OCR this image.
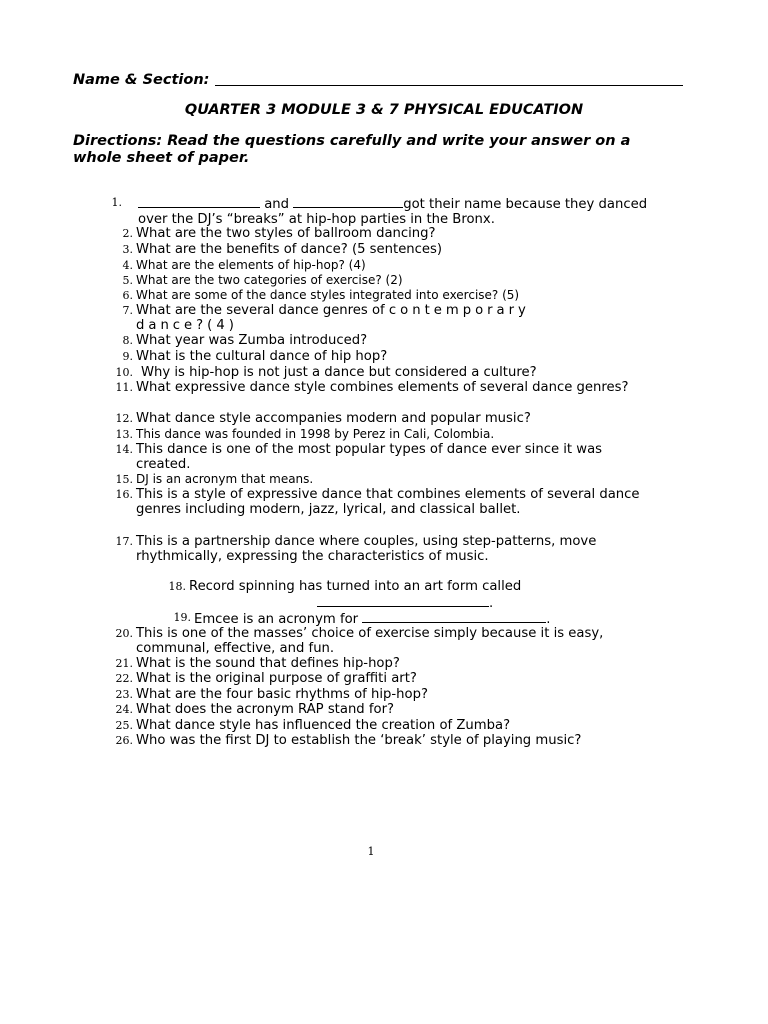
Name & Section:
QUARTER 3 MODULE 3 & 7 PHYSICAL EDUCATION
Directions: Read the questions carefully and write your answer on a whole sheet of paper.
1.	and	got their name because they danced over the DJ’s “breaks” at hip-hop parties in the Bronx.
2. What are the two styles of ballroom dancing?
3. What are the benefits of dance? (5 sentences)
4. What are the elements of hip-hop? (4)
5. What are the two categories of exercise? (2)
6. What are some of the dance styles integrated into exercise? (5)
7. What are the several dance genres of contemporary
dance?(4)
8. What year was Zumba introduced?
9. What is the cultural dance of hip hop?
10. Why is hip-hop is not just a dance but considered a culture?
11. What expressive dance style combines elements of several dance genres?
12. What dance style accompanies modern and popular music?
13. This dance was founded in 1998 by Perez in Cali, Colombia.
14. This dance is one of the most popular types of dance ever since it was created.
15. DJ is an acronym that means.
16. This is a style of expressive dance that combines elements of several dance genres including modern, jazz, lyrical, and classical ballet.
17. This is a partnership dance where couples, using step-patterns, move rhythmically, expressing the characteristics of music.
18. Record spinning has turned into an art form called
.
19. Emcee is an acronym for	.
20. This is one of the masses’ choice of exercise simply because it is easy, communal, effective, and fun.
21. What is the sound that defines hip-hop?
22. What is the original purpose of graffiti art?
23. What are the four basic rhythms of hip-hop?
24. What does the acronym RAP stand for?
25. What dance style has influenced the creation of Zumba?
26. Who was the first DJ to establish the ‘break’ style of playing music?
1
